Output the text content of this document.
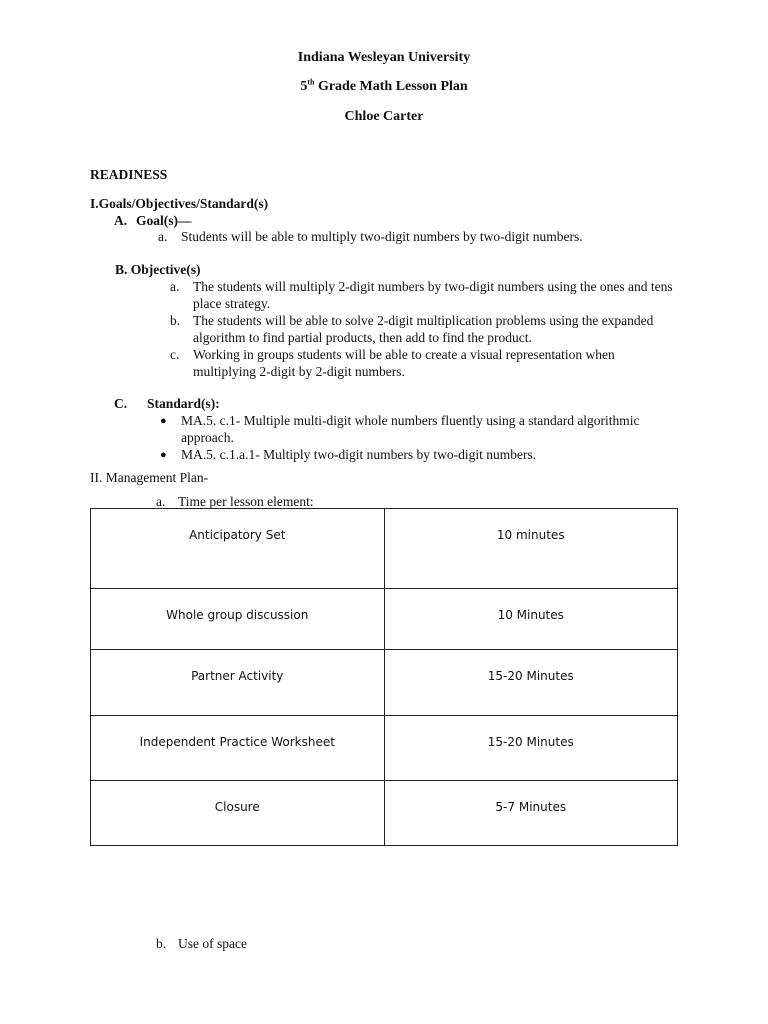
Indiana Wesleyan University
5th Grade Math Lesson Plan
Chloe Carter
READINESS
I.Goals/Objectives/Standard(s)
A. Goal(s)—
a. Students will be able to multiply two-digit numbers by two-digit numbers.
B. Objective(s)
a. The students will multiply 2-digit numbers by two-digit numbers using the ones and tens place strategy.
b. The students will be able to solve 2-digit multiplication problems using the expanded algorithm to find partial products, then add to find the product.
c. Working in groups students will be able to create a visual representation when multiplying 2-digit by 2-digit numbers.
C. Standard(s):
● MA.5. c.1- Multiple multi-digit whole numbers fluently using a standard algorithmic approach.
● MA.5. c.1.a.1- Multiply two-digit numbers by two-digit numbers.
II. Management Plan-
a. Time per lesson element:
Anticipatory Set	10 minutes
Whole group discussion	10 Minutes
Partner Activity	15-20 Minutes
Independent Practice Worksheet	15-20 Minutes
Closure	5-7 Minutes
b. Use of space
